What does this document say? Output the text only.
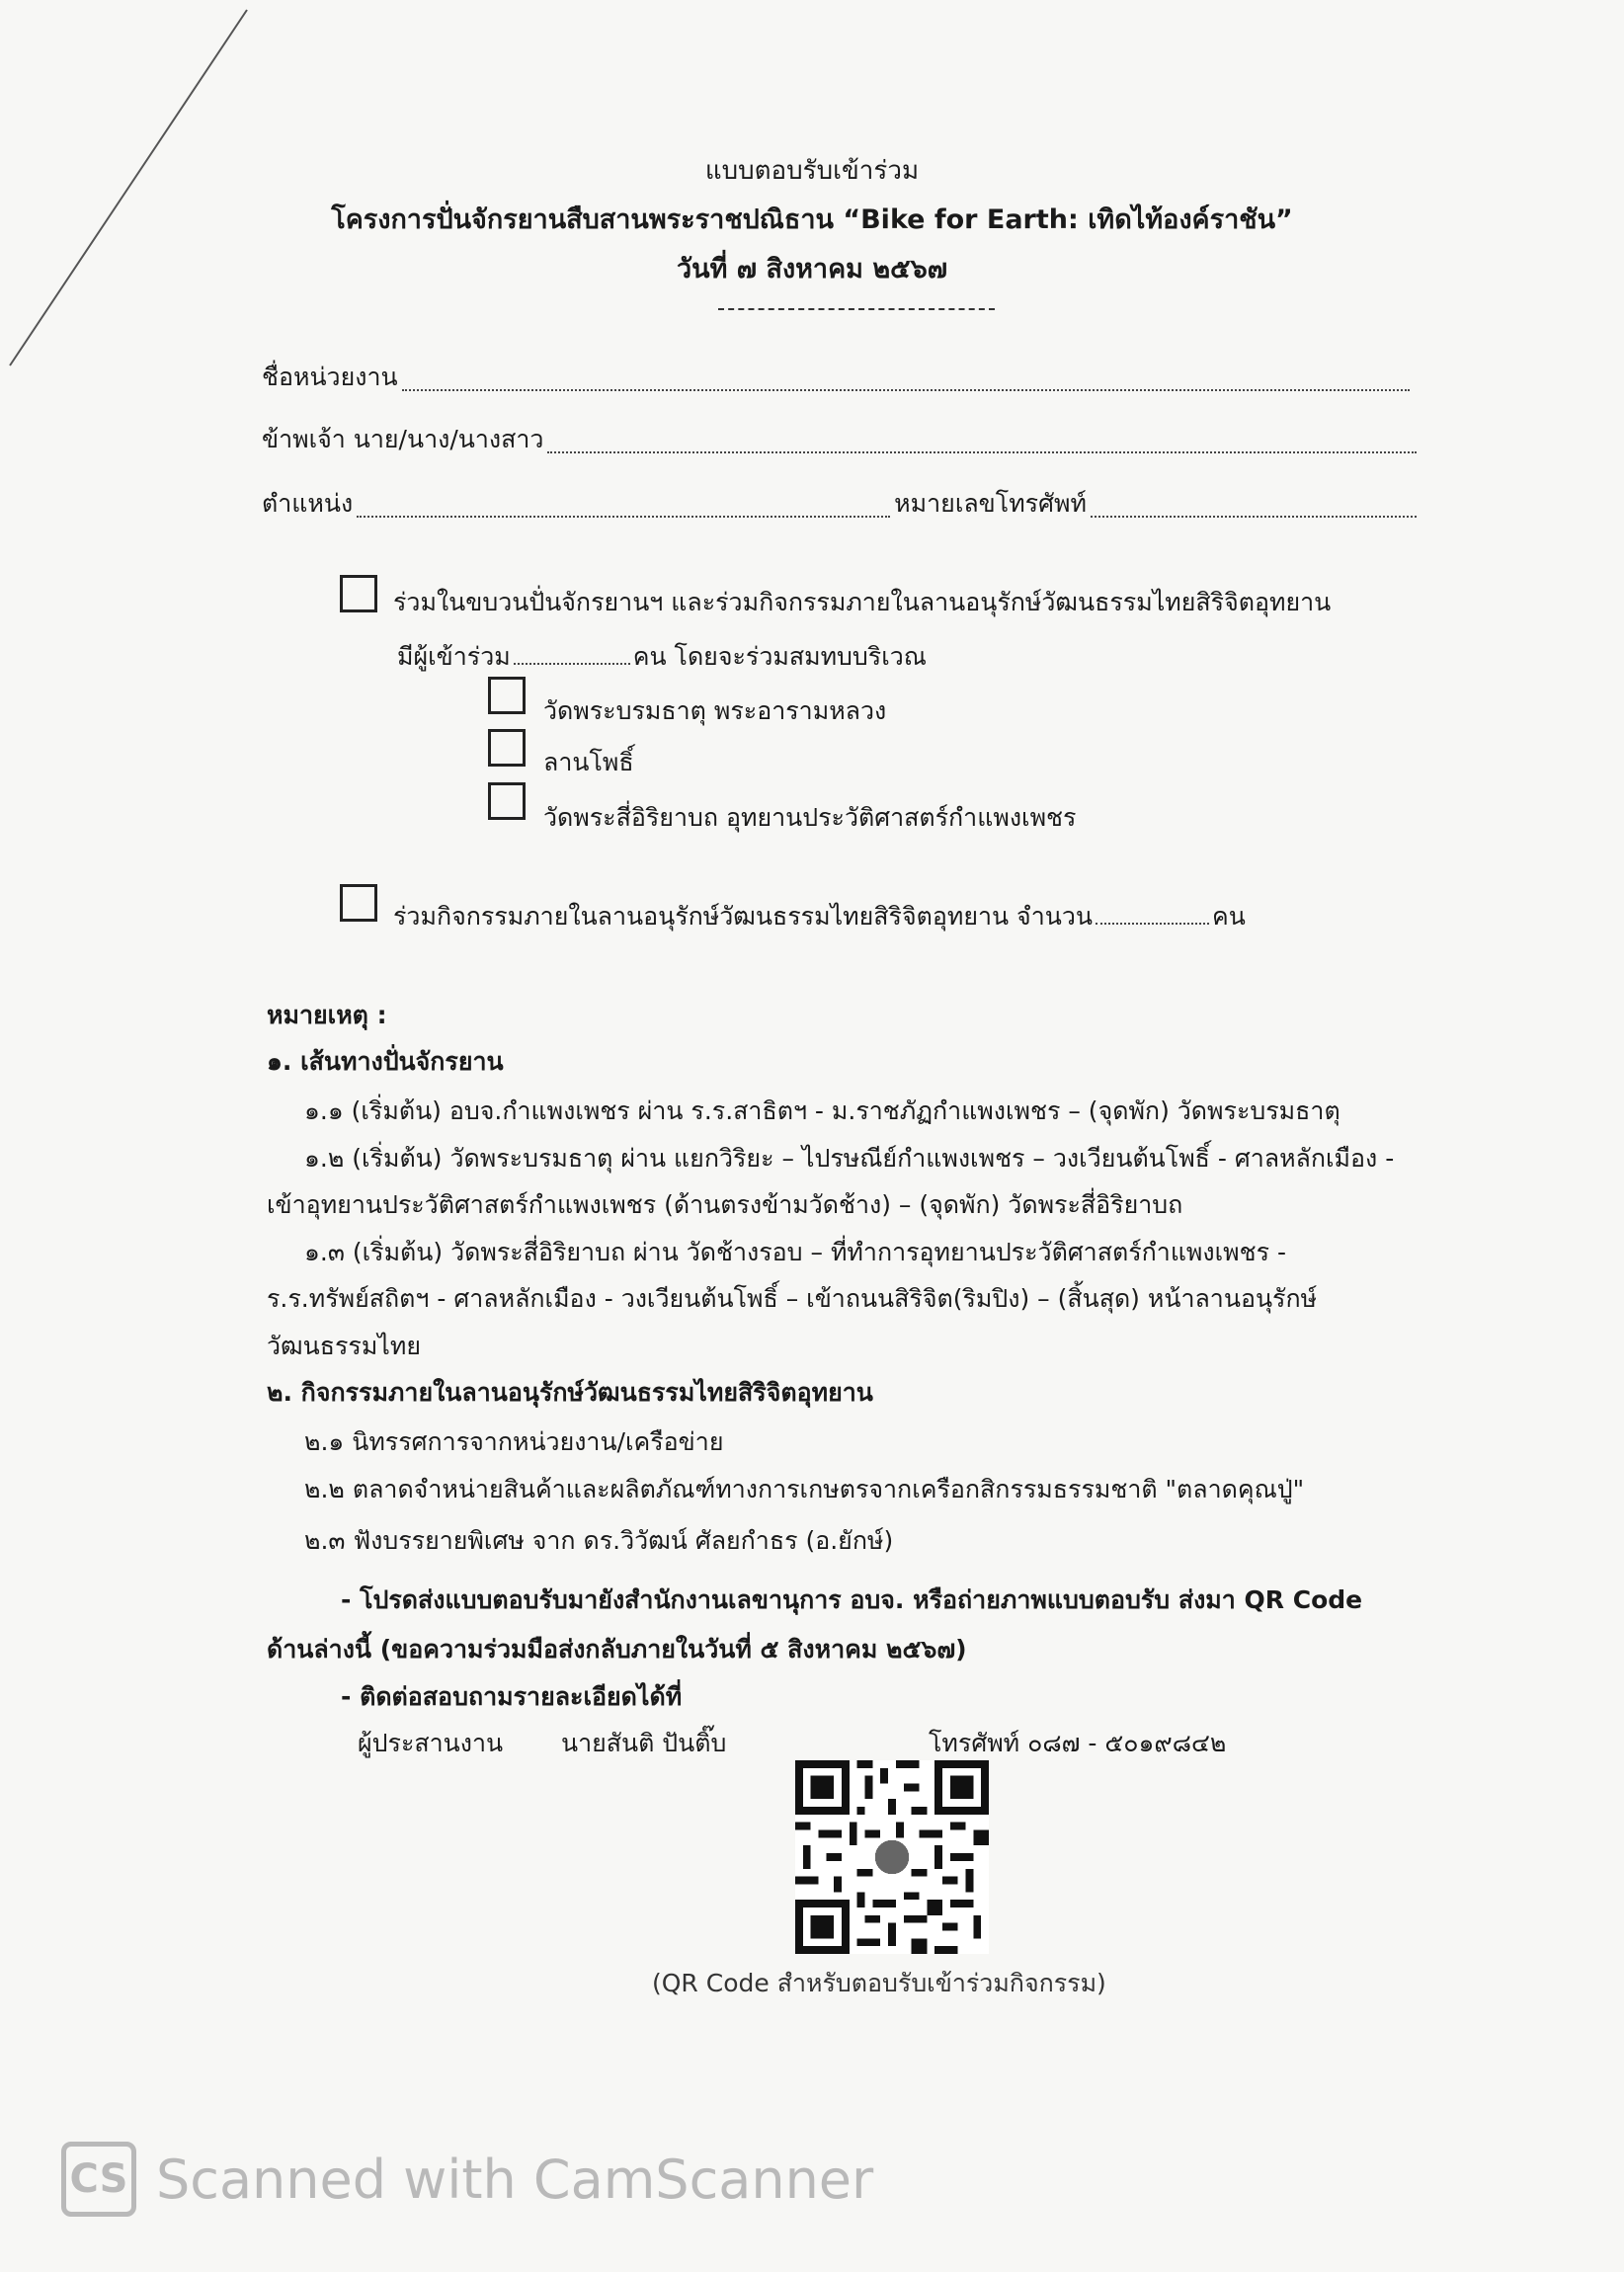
แบบตอบรับเข้าร่วม
โครงการปั่นจักรยานสืบสานพระราชปณิธาน “Bike for Earth: เทิดไท้องค์ราชัน”
วันที่ ๗ สิงหาคม ๒๕๖๗
ชื่อหน่วยงาน
ข้าพเจ้า นาย/นาง/นางสาว
ตำแหน่ง	หมายเลขโทรศัพท์
ร่วมในขบวนปั่นจักรยานฯ และร่วมกิจกรรมภายในลานอนุรักษ์วัฒนธรรมไทยสิริจิตอุทยาน
มีผู้เข้าร่วม	คน โดยจะร่วมสมทบบริเวณ
วัดพระบรมธาตุ พระอารามหลวง
ลานโพธิ์
วัดพระสี่อิริยาบถ อุทยานประวัติศาสตร์กำแพงเพชร
ร่วมกิจกรรมภายในลานอนุรักษ์วัฒนธรรมไทยสิริจิตอุทยาน จำนวน	คน
หมายเหตุ :
๑. เส้นทางปั่นจักรยาน
๑.๑ (เริ่มต้น) อบจ.กำแพงเพชร ผ่าน ร.ร.สาธิตฯ - ม.ราชภัฏกำแพงเพชร – (จุดพัก) วัดพระบรมธาตุ
๑.๒ (เริ่มต้น) วัดพระบรมธาตุ ผ่าน แยกวิริยะ – ไปรษณีย์กำแพงเพชร – วงเวียนต้นโพธิ์ - ศาลหลักเมือง -
เข้าอุทยานประวัติศาสตร์กำแพงเพชร (ด้านตรงข้ามวัดช้าง) – (จุดพัก) วัดพระสี่อิริยาบถ
๑.๓ (เริ่มต้น) วัดพระสี่อิริยาบถ ผ่าน วัดช้างรอบ – ที่ทำการอุทยานประวัติศาสตร์กำแพงเพชร -
ร.ร.ทรัพย์สถิตฯ - ศาลหลักเมือง - วงเวียนต้นโพธิ์ – เข้าถนนสิริจิต(ริมปิง) – (สิ้นสุด) หน้าลานอนุรักษ์
วัฒนธรรมไทย
๒. กิจกรรมภายในลานอนุรักษ์วัฒนธรรมไทยสิริจิตอุทยาน
๒.๑ นิทรรศการจากหน่วยงาน/เครือข่าย
๒.๒ ตลาดจำหน่ายสินค้าและผลิตภัณฑ์ทางการเกษตรจากเครือกสิกรรมธรรมชาติ "ตลาดคุณปู่"
๒.๓ ฟังบรรยายพิเศษ จาก ดร.วิวัฒน์ ศัลยกำธร (อ.ยักษ์)
- โปรดส่งแบบตอบรับมายังสำนักงานเลขานุการ อบจ. หรือถ่ายภาพแบบตอบรับ ส่งมา QR Code
ด้านล่างนี้ (ขอความร่วมมือส่งกลับภายในวันที่ ๕ สิงหาคม ๒๕๖๗)
- ติดต่อสอบถามรายละเอียดได้ที่
ผู้ประสานงาน นายสันติ ปันติ๊บ	โทรศัพท์ ๐๘๗ - ๕๐๑๙๘๔๒
(QR Code สำหรับตอบรับเข้าร่วมกิจกรรม)
CS Scanned with CamScanner
